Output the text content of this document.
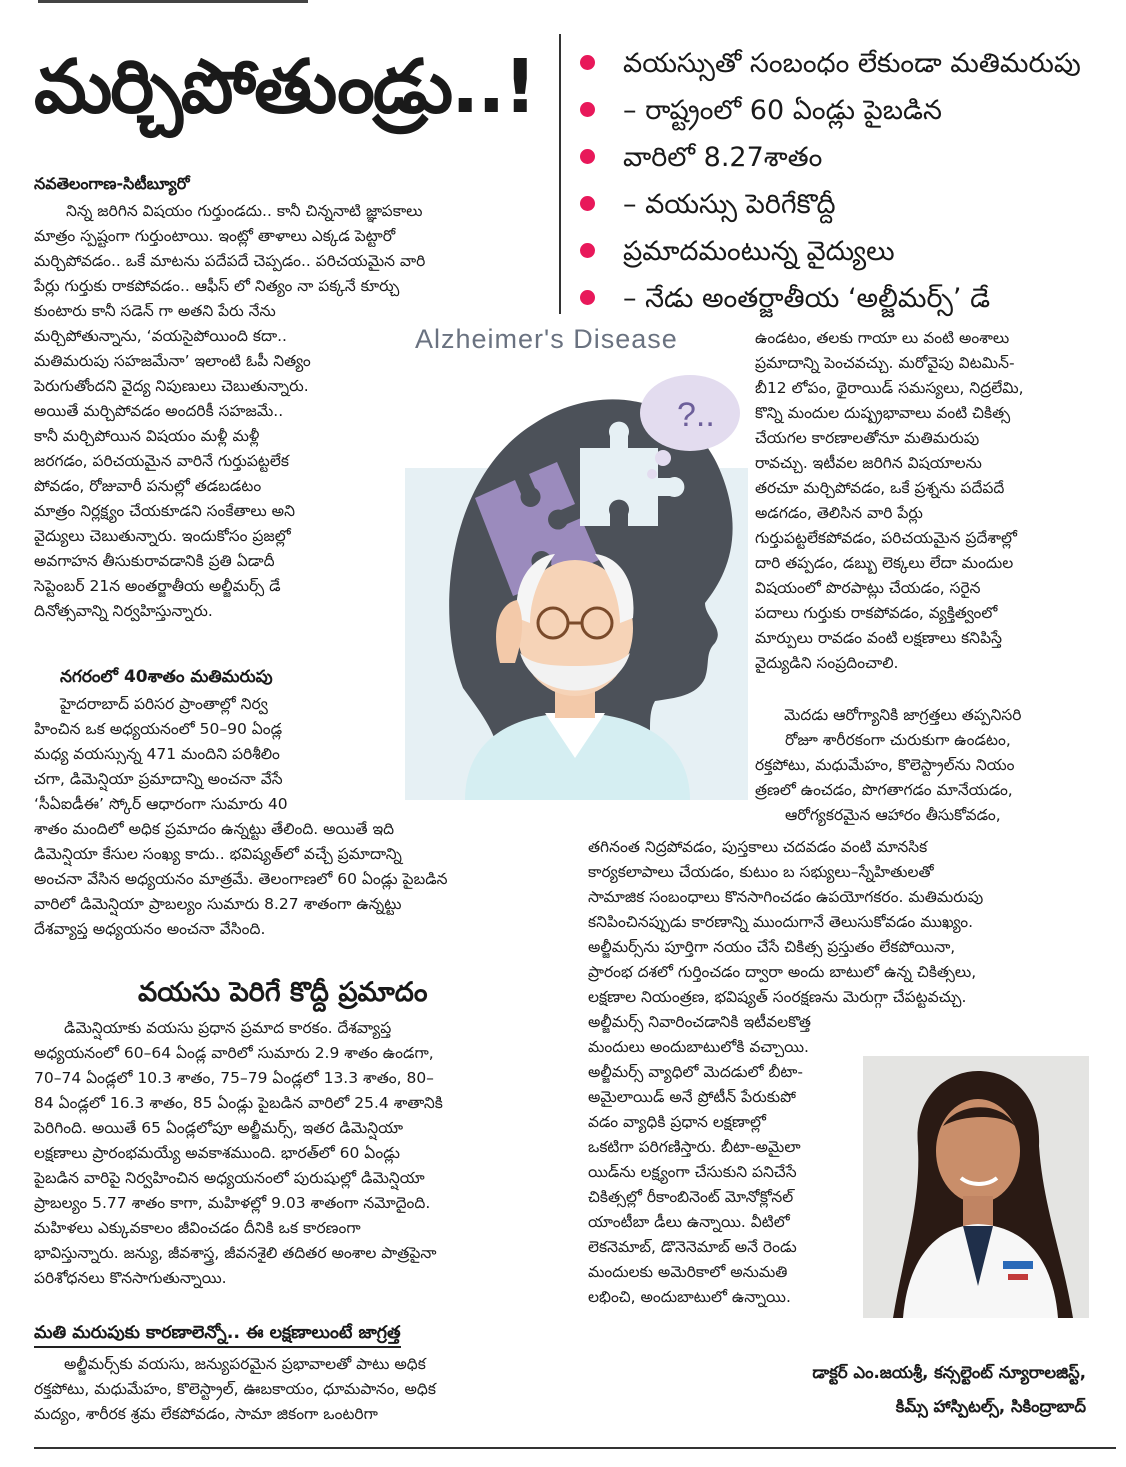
మర్చిపోతుండ్రు..!	వయస్సుతో సంబంధం లేకుండా మతిమరుపు
– రాష్ట్రంలో 60 ఏండ్లు పైబడిన
వారిలో 8.27శాతం
– వయస్సు పెరిగేకొద్దీ
ప్రమాదమంటున్న వైద్యులు
– నేడు అంతర్జాతీయ ‘అల్జీమర్స్’ డే
నవతెలంగాణ-సిటీబ్యూరో
నిన్న జరిగిన విషయం గుర్తుండదు.. కానీ చిన్ననాటి జ్ఞాపకాలు
మాత్రం స్పష్టంగా గుర్తుంటాయి. ఇంట్లో తాళాలు ఎక్కడ పెట్టారో
మర్చిపోవడం.. ఒకే మాటను పదేపదే చెప్పడం.. పరిచయమైన వారి
పేర్లు గుర్తుకు రాకపోవడం.. ఆఫీస్ లో నిత్యం నా పక్కనే కూర్చు
కుంటారు కానీ సడెన్ గా అతని పేరు నేను
మర్చిపోతున్నాను, ‘వయసైపోయింది కదా..
మతిమరుపు సహజమేనా’ ఇలాంటి ఓపీ నిత్యం
పెరుగుతోందని వైద్య నిపుణులు చెబుతున్నారు.
అయితే మర్చిపోవడం అందరికీ సహజమే..
కానీ మర్చిపోయిన విషయం మళ్లీ మళ్లీ
జరగడం, పరిచయమైన వారినే గుర్తుపట్టలేక
పోవడం, రోజువారీ పనుల్లో తడబడటం
మాత్రం నిర్లక్ష్యం చేయకూడని సంకేతాలు అని
వైద్యులు చెబుతున్నారు. ఇందుకోసం ప్రజల్లో
అవగాహన తీసుకురావడానికి ప్రతి ఏడాదీ
సెప్టెంబర్ 21న అంతర్జాతీయ అల్జీమర్స్ డే
దినోత్సవాన్ని నిర్వహిస్తున్నారు.
నగరంలో 40శాతం మతిమరుపు
హైదరాబాద్ పరిసర ప్రాంతాల్లో నిర్వ
హించిన ఒక అధ్యయనంలో 50–90 ఏండ్ల
మధ్య వయస్సున్న 471 మందిని పరిశీలిం
చగా, డిమెన్షియా ప్రమాదాన్ని అంచనా వేసే
‘సీఏఐడీఈ’ స్కోర్ ఆధారంగా సుమారు 40
శాతం మందిలో అధిక ప్రమాదం ఉన్నట్టు తేలింది. అయితే ఇది
డిమెన్షియా కేసుల సంఖ్య కాదు.. భవిష్యత్‌లో వచ్చే ప్రమాదాన్ని
అంచనా వేసిన అధ్యయనం మాత్రమే. తెలంగాణలో 60 ఏండ్లు పైబడిన
వారిలో డిమెన్షియా ప్రాబల్యం సుమారు 8.27 శాతంగా ఉన్నట్టు
దేశవ్యాప్త అధ్యయనం అంచనా వేసింది.
వయసు పెరిగే కొద్దీ ప్రమాదం
డిమెన్షియాకు వయసు ప్రధాన ప్రమాద కారకం. దేశవ్యాప్త
అధ్యయనంలో 60–64 ఏండ్ల వారిలో సుమారు 2.9 శాతం ఉండగా,
70–74 ఏండ్లలో 10.3 శాతం, 75–79 ఏండ్లలో 13.3 శాతం, 80–
84 ఏండ్లలో 16.3 శాతం, 85 ఏండ్లు పైబడిన వారిలో 25.4 శాతానికి
పెరిగింది. అయితే 65 ఏండ్లలోపూ అల్జీమర్స్, ఇతర డిమెన్షియా
లక్షణాలు ప్రారంభమయ్యే అవకాశముంది. భారత్‌లో 60 ఏండ్లు
పైబడిన వారిపై నిర్వహించిన అధ్యయనంలో పురుషుల్లో డిమెన్షియా
ప్రాబల్యం 5.77 శాతం కాగా, మహిళల్లో 9.03 శాతంగా నమోదైంది.
మహిళలు ఎక్కువకాలం జీవించడం దీనికి ఒక కారణంగా
భావిస్తున్నారు. జన్యు, జీవశాస్త్ర, జీవనశైలి తదితర అంశాల పాత్రపైనా
పరిశోధనలు కొనసాగుతున్నాయి.
మతి మరుపుకు కారణాలెన్నో.. ఈ లక్షణాలుంటే జాగ్రత్త
అల్జీమర్స్‌కు వయసు, జన్యుపరమైన ప్రభావాలతో పాటు అధిక
రక్తపోటు, మధుమేహం, కొలెస్ట్రాల్, ఊబకాయం, ధూమపానం, అధిక
మద్యం, శారీరక శ్రమ లేకపోవడం, సామా జికంగా ఒంటరిగా
Alzheimer's Disease
?..
ఉండటం, తలకు గాయా లు వంటి అంశాలు
ప్రమాదాన్ని పెంచవచ్చు. మరోవైపు విటమిన్-
బీ12 లోపం, థైరాయిడ్ సమస్యలు, నిద్రలేమి,
కొన్ని మందుల దుష్ప్రభావాలు వంటి చికిత్స
చేయగల కారణాలతోనూ మతిమరుపు
రావచ్చు. ఇటీవల జరిగిన విషయాలను
తరచూ మర్చిపోవడం, ఒకే ప్రశ్నను పదేపదే
అడగడం, తెలిసిన వారి పేర్లు
గుర్తుపట్టలేకపోవడం, పరిచయమైన ప్రదేశాల్లో
దారి తప్పడం, డబ్బు లెక్కలు లేదా మందుల
విషయంలో పొరపాట్లు చేయడం, సరైన
పదాలు గుర్తుకు రాకపోవడం, వ్యక్తిత్వంలో
మార్పులు రావడం వంటి లక్షణాలు కనిపిస్తే
వైద్యుడిని సంప్రదించాలి.
మెదడు ఆరోగ్యానికి జాగ్రత్తలు తప్పనిసరి
రోజూ శారీరకంగా చురుకుగా ఉండటం,
రక్తపోటు, మధుమేహం, కొలెస్ట్రాల్‌ను నియం
త్రణలో ఉంచడం, పొగతాగడం మానేయడం,
ఆరోగ్యకరమైన ఆహారం తీసుకోవడం,
తగినంత నిద్రపోవడం, పుస్తకాలు చదవడం వంటి మానసిక
కార్యకలాపాలు చేయడం, కుటుం బ సభ్యులు–స్నేహితులతో
సామాజిక సంబంధాలు కొనసాగించడం ఉపయోగకరం. మతిమరుపు
కనిపించినప్పుడు కారణాన్ని ముందుగానే తెలుసుకోవడం ముఖ్యం.
అల్జీమర్స్‌ను పూర్తిగా నయం చేసే చికిత్స ప్రస్తుతం లేకపోయినా,
ప్రారంభ దశలో గుర్తించడం ద్వారా అందు బాటులో ఉన్న చికిత్సలు,
లక్షణాల నియంత్రణ, భవిష్యత్ సంరక్షణను మెరుగ్గా చేపట్టవచ్చు.
అల్జీమర్స్ నివారించడానికి ఇటీవలకొత్త
మందులు అందుబాటులోకి వచ్చాయి.
అల్జీమర్స్ వ్యాధిలో మెదడులో బీటా-
అమైలాయిడ్ అనే ప్రోటీన్ పేరుకుపో
వడం వ్యాధికి ప్రధాన లక్షణాల్లో
ఒకటిగా పరిగణిస్తారు. బీటా-అమైలా
యిడ్‌ను లక్ష్యంగా చేసుకుని పనిచేసే
చికిత్సల్లో రీకాంబినెంట్ మోనోక్లోనల్
యాంటీబా డీలు ఉన్నాయి. వీటిలో
లెకనెమాబ్, డొనెనెమాబ్ అనే రెండు
మందులకు అమెరికాలో అనుమతి
లభించి, అందుబాటులో ఉన్నాయి.
డాక్టర్ ఎం.జయశ్రీ, కన్సల్టెంట్ న్యూరాలజిస్ట్,
కిమ్స్ హాస్పిటల్స్, సికింద్రాబాద్
